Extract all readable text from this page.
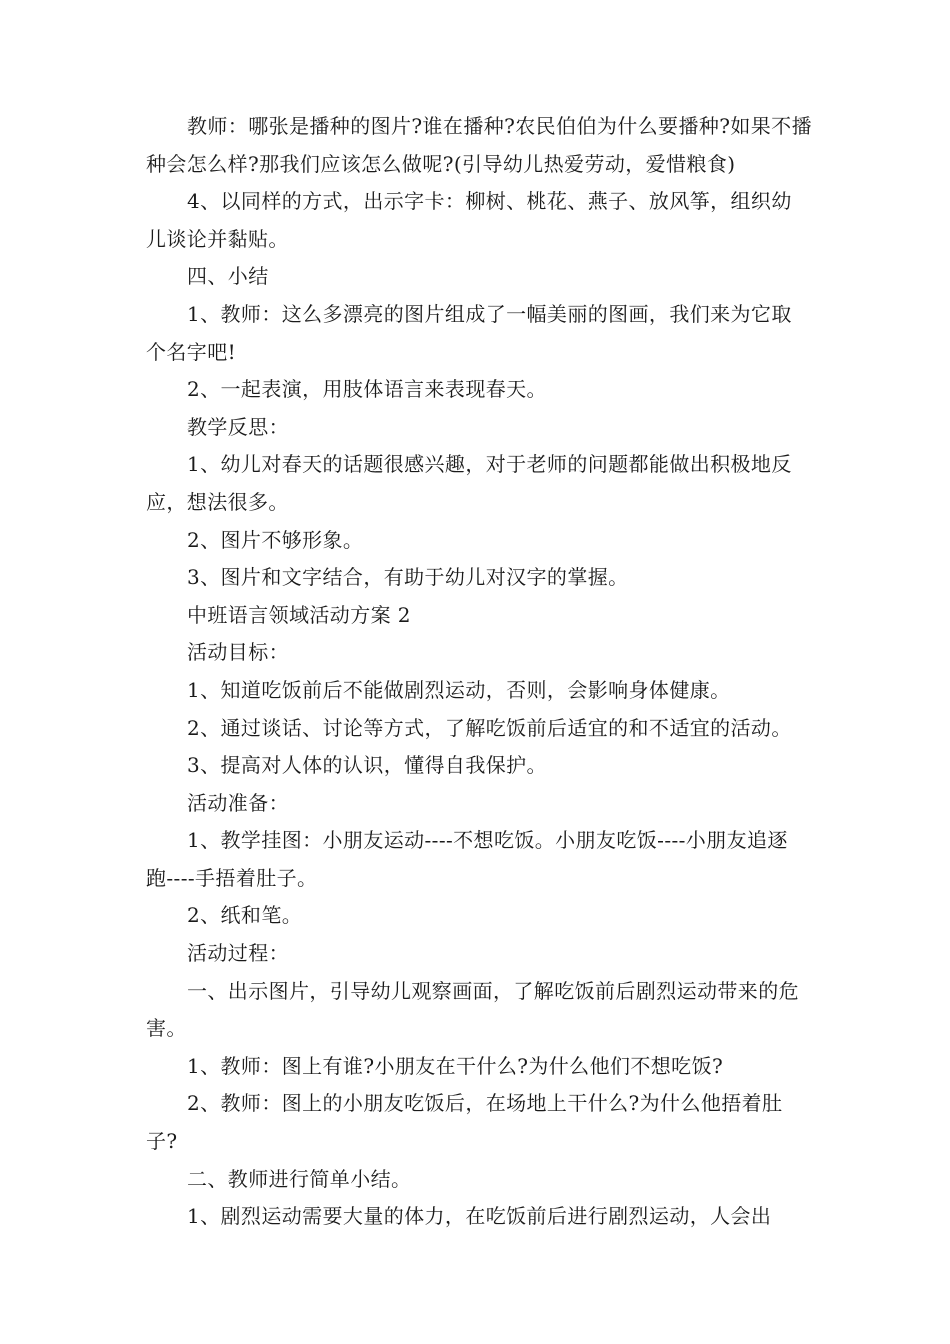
教师：哪张是播种的图片?谁在播种?农民伯伯为什么要播种?如果不播种会怎么样?那我们应该怎么做呢?(引导幼儿热爱劳动，爱惜粮食)

4、以同样的方式，出示字卡：柳树、桃花、燕子、放风筝，组织幼儿谈论并黏贴。

四、小结

1、教师：这么多漂亮的图片组成了一幅美丽的图画，我们来为它取个名字吧!

2、一起表演，用肢体语言来表现春天。

教学反思：

1、幼儿对春天的话题很感兴趣，对于老师的问题都能做出积极地反应，想法很多。

2、图片不够形象。

3、图片和文字结合，有助于幼儿对汉字的掌握。

中班语言领域活动方案 2

活动目标：

1、知道吃饭前后不能做剧烈运动，否则，会影响身体健康。

2、通过谈话、讨论等方式，了解吃饭前后适宜的和不适宜的活动。

3、提高对人体的认识，懂得自我保护。

活动准备：

1、教学挂图：小朋友运动----不想吃饭。小朋友吃饭----小朋友追逐跑----手捂着肚子。

2、纸和笔。

活动过程：

一、出示图片，引导幼儿观察画面，了解吃饭前后剧烈运动带来的危害。

1、教师：图上有谁?小朋友在干什么?为什么他们不想吃饭?

2、教师：图上的小朋友吃饭后，在场地上干什么?为什么他捂着肚子?

二、教师进行简单小结。

1、剧烈运动需要大量的体力，在吃饭前后进行剧烈运动，人会出
